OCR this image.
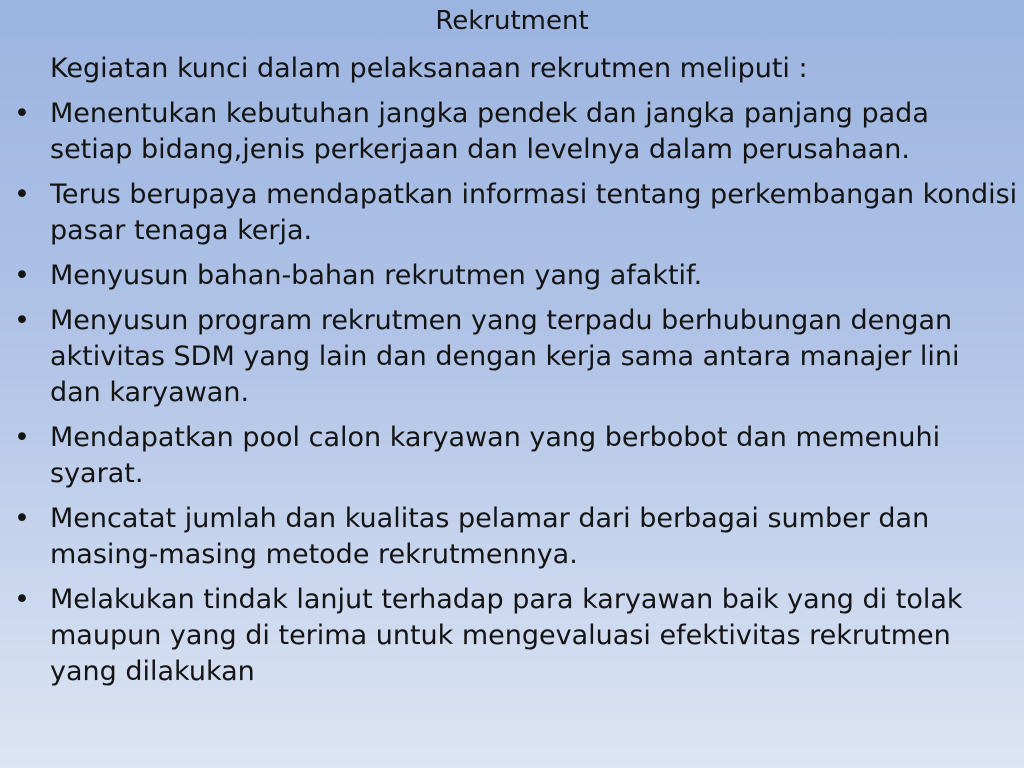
Rekrutment
Kegiatan kunci dalam pelaksanaan rekrutmen meliputi :
• Menentukan kebutuhan jangka pendek dan jangka panjang pada setiap bidang,jenis perkerjaan dan levelnya dalam perusahaan.
• Terus berupaya mendapatkan informasi tentang perkembangan kondisi pasar tenaga kerja.
• Menyusun bahan-bahan rekrutmen yang afaktif.
• Menyusun program rekrutmen yang terpadu berhubungan dengan aktivitas SDM yang lain dan dengan kerja sama antara manajer lini dan karyawan.
• Mendapatkan pool calon karyawan yang berbobot dan memenuhi syarat.
• Mencatat jumlah dan kualitas pelamar dari berbagai sumber dan masing-masing metode rekrutmennya.
• Melakukan tindak lanjut terhadap para karyawan baik yang di tolak maupun yang di terima untuk mengevaluasi efektivitas rekrutmen yang dilakukan
